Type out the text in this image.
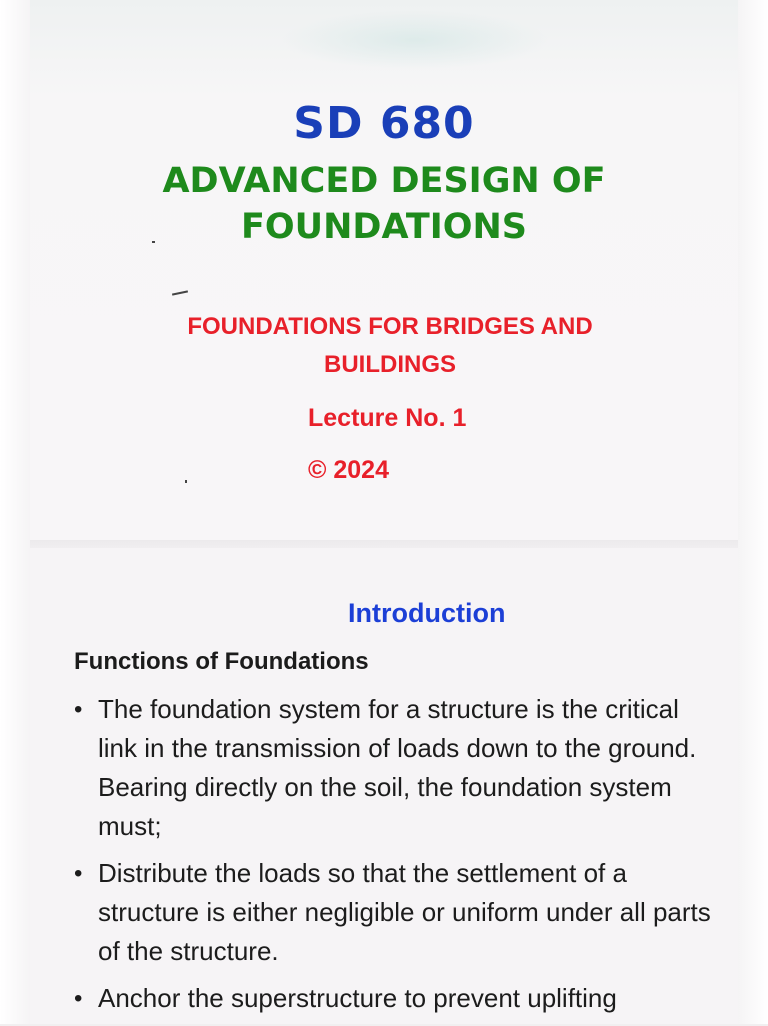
SD 680
ADVANCED DESIGN OF
FOUNDATIONS
FOUNDATIONS FOR BRIDGES AND
BUILDINGS
Lecture No. 1
© 2024
Introduction
Functions of Foundations
• The foundation system for a structure is the critical link in the transmission of loads down to the ground. Bearing directly on the soil, the foundation system must;
• Distribute the loads so that the settlement of a structure is either negligible or uniform under all parts of the structure.
• Anchor the superstructure to prevent uplifting
